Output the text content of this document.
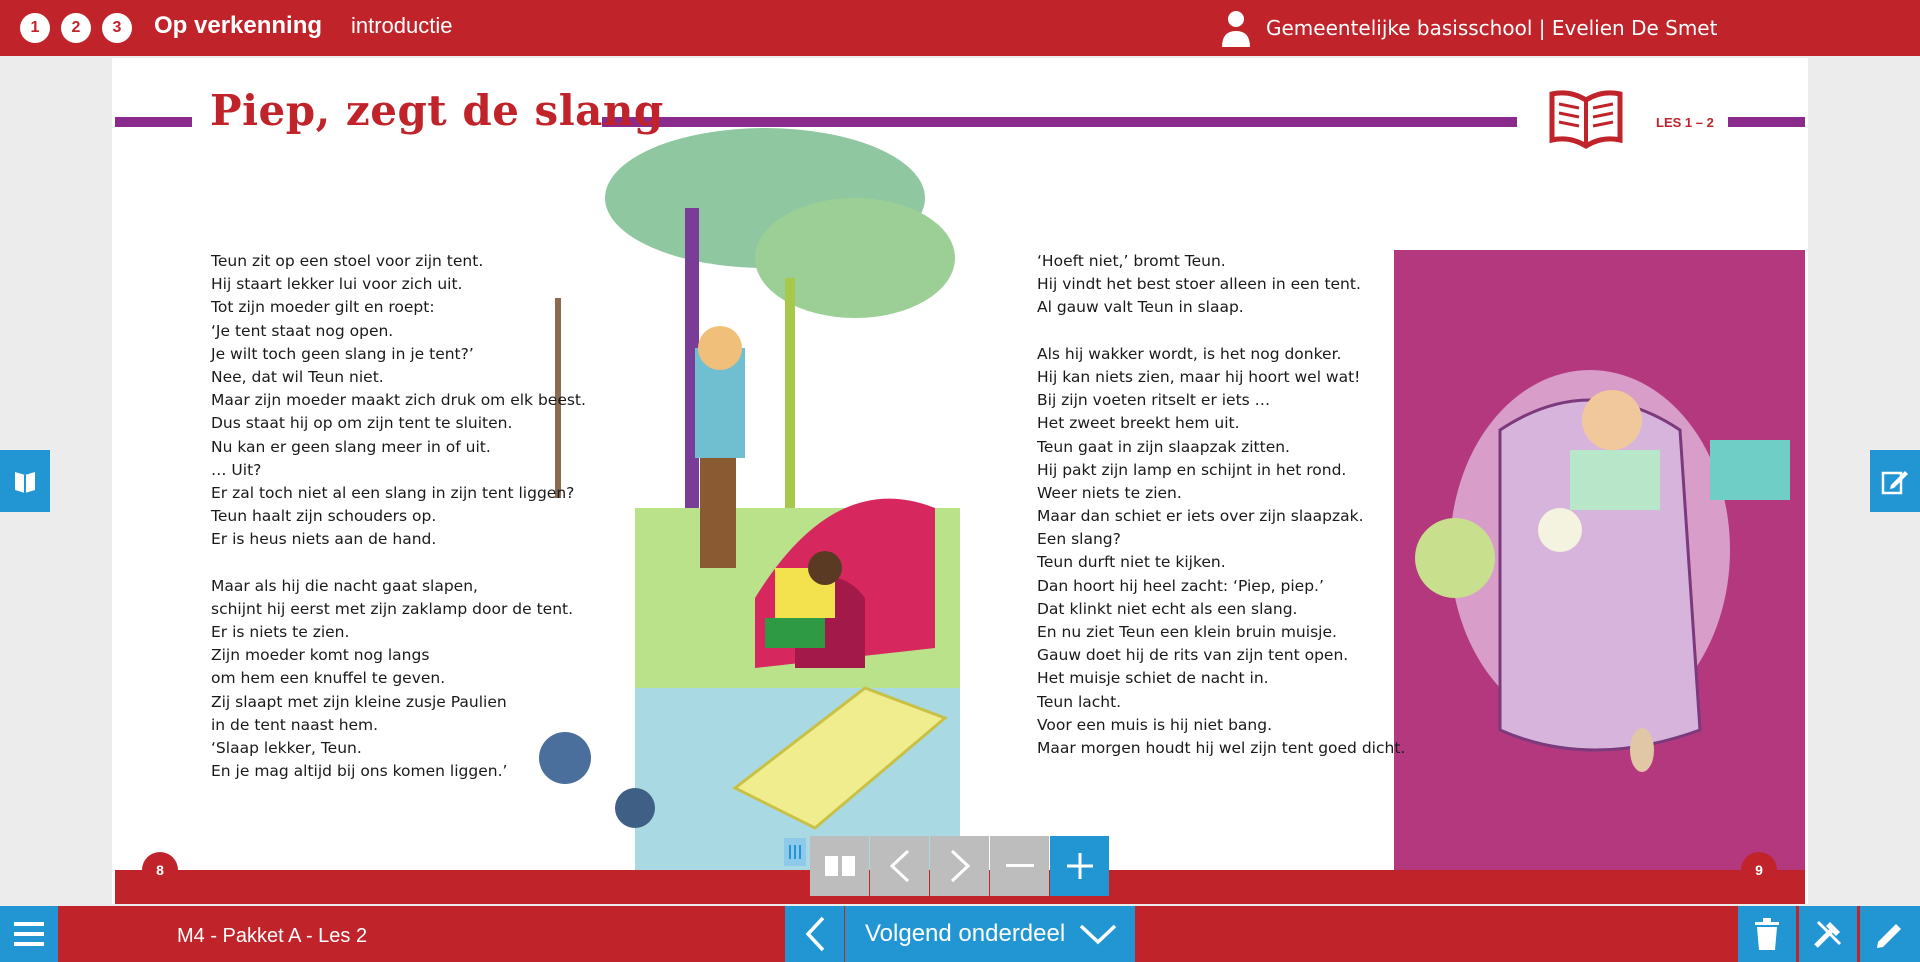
1	2	3	Op verkenning introductie	Gemeentelijke basisschool | Evelien De Smet
Piep, zegt de slang	LES 1 – 2
Teun zit op een stoel voor zijn tent.
Hij staart lekker lui voor zich uit.
Tot zijn moeder gilt en roept:
‘Je tent staat nog open.
Je wilt toch geen slang in je tent?’
Nee, dat wil Teun niet.
Maar zijn moeder maakt zich druk om elk beest.
Dus staat hij op om zijn tent te sluiten.
Nu kan er geen slang meer in of uit.
… Uit?
Er zal toch niet al een slang in zijn tent liggen?
Teun haalt zijn schouders op.
Er is heus niets aan de hand.
Maar als hij die nacht gaat slapen,
schijnt hij eerst met zijn zaklamp door de tent.
Er is niets te zien.
Zijn moeder komt nog langs
om hem een knuffel te geven.
Zij slaapt met zijn kleine zusje Paulien
in de tent naast hem.
‘Slaap lekker, Teun.
En je mag altijd bij ons komen liggen.’
‘Hoeft niet,’ bromt Teun.
Hij vindt het best stoer alleen in een tent.
Al gauw valt Teun in slaap.
Als hij wakker wordt, is het nog donker.
Hij kan niets zien, maar hij hoort wel wat!
Bij zijn voeten ritselt er iets …
Het zweet breekt hem uit.
Teun gaat in zijn slaapzak zitten.
Hij pakt zijn lamp en schijnt in het rond.
Weer niets te zien.
Maar dan schiet er iets over zijn slaapzak.
Een slang?
Teun durft niet te kijken.
Dan hoort hij heel zacht: ‘Piep, piep.’
Dat klinkt niet echt als een slang.
En nu ziet Teun een klein bruin muisje.
Gauw doet hij de rits van zijn tent open.
Het muisje schiet de nacht in.
Teun lacht.
Voor een muis is hij niet bang.
Maar morgen houdt hij wel zijn tent goed dicht.
8	9
M4 - Pakket A - Les 2	Volgend onderdeel
